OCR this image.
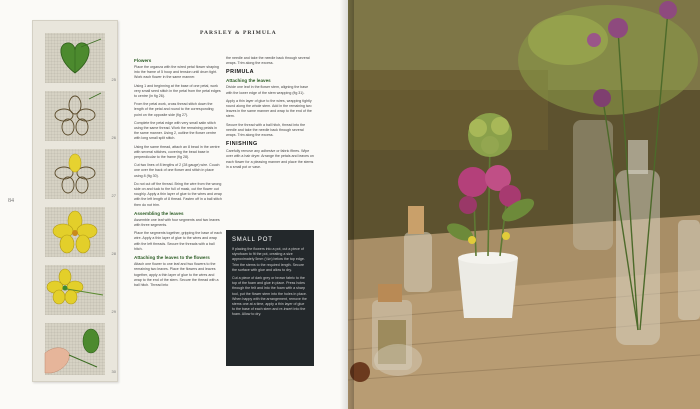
84
25
26
27
28
29
30
PARSLEY & PRIMULA
Flowers

Place the organza with the wired petal flower shaping into the frame of 5 hoop and tension until drum tight. Work each flower in the same manner.

Using 1 and beginning at the base of one petal, work very small seed stitch in the petal from the petal edges to centre (in fig 26).

From the petal work, cross thread stitch down the length of the petal and round to the corresponding point on the opposite side (fig 27).

Complete the petal edge with very small satin stitch using the same thread. Work the remaining petals in the same manner. Using 2, outline the flower centre with long small split stitch.

Using the same thread, attach an 8 bead in the centre with several stitches, covering the bead base in perpendicular to the frame (fig 28).

Cut two lines of 8 lengths of 2 (28 gauge) wire. Couch one over the back of one flower and stitch in place using 8 (fig 30).

Do not cut off the thread. Bring the wire from the wrong side on and tuck to the full of mask, cut the flower out roughly. Apply a thin layer of glue to the wires and wrap with the left length of 8 thread. Fasten off in a ball stitch then do not trim.

Assembling the leaves

Assemble one leaf with four segments and two leaves with three segments.

Place the segments together, gripping the base of each wire. Apply a thin layer of glue to the wires and wrap with the left threads. Secure the threads with a ball hitch.

Attaching the leaves to the flowers

Attach one flower to one leaf and two flowers to the remaining two leaves. Place the flowers and leaves together, apply a thin layer of glue to the wires and wrap to the end of the stem. Secure the thread with a ball hitch. Thread into

the needle and take the needle back through several wraps. Trim along the excess.

PRIMULA
Attaching the leaves

Divide one leaf in the flower stem, aligning the base with the lower edge of the stem wrapping (fig 31).

Apply a thin layer of glue to the wires, wrapping tightly round along the whole stem. Add in the remaining two leaves in the same manner and wrap to the end of the stem.

Secure the thread with a ball hitch, thread into the needle and take the needle back through several wraps. Trim along the excess.

FINISHING

Carefully remove any adhesive or fabric fibres. Wipe over with a hair dryer. Arrange the petals and leaves on each flower for a pleasing manner and place the stems in a small pot or vase.

SMALL POT

If placing the flowers into a pot, cut a piece of styrofoam to fit the pot, creating a size approximately 5mm (¼in) below the top edge. Trim the stems to the required length. Secure the surface with glue and allow to dry.

Cut a piece of dark grey or brown fabric to the top of the foam and glue in place. Press holes through the felt and into the foam with a sharp tool, put the flower stem into the holes in place. When happy with the arrangement, remove the stems one at a time, apply a thin layer of glue to the base of each stem and re-insert into the foam. Allow to dry.
